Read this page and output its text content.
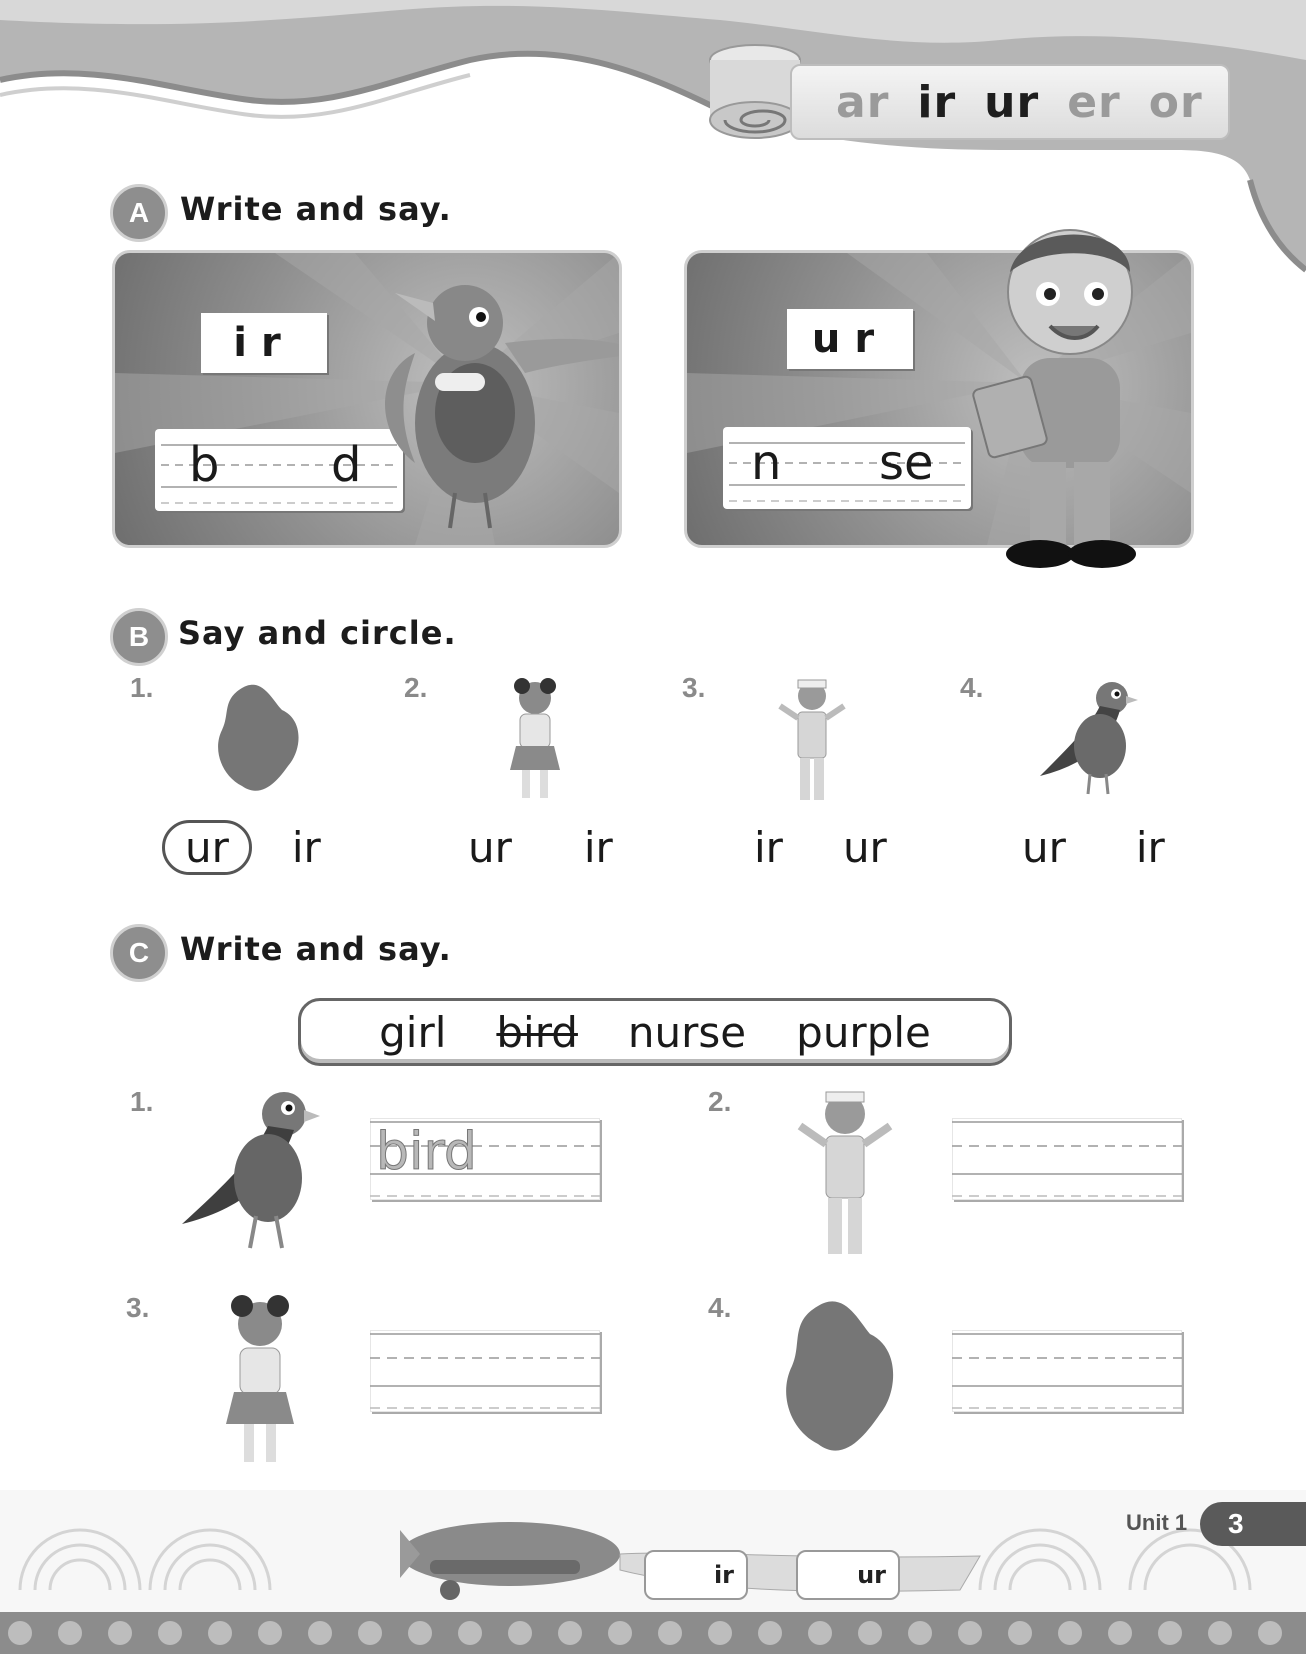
ar ir ur er or
A Write and say.
ir
b d
ur
n se
B Say and circle.
1.	2.	3.	4.
ur	ir	ur ir	ir ur	ur ir
C Write and say.
girl bird nurse purple
1.	2.
3.	4.
bird
ir	ur
Unit 1	3
